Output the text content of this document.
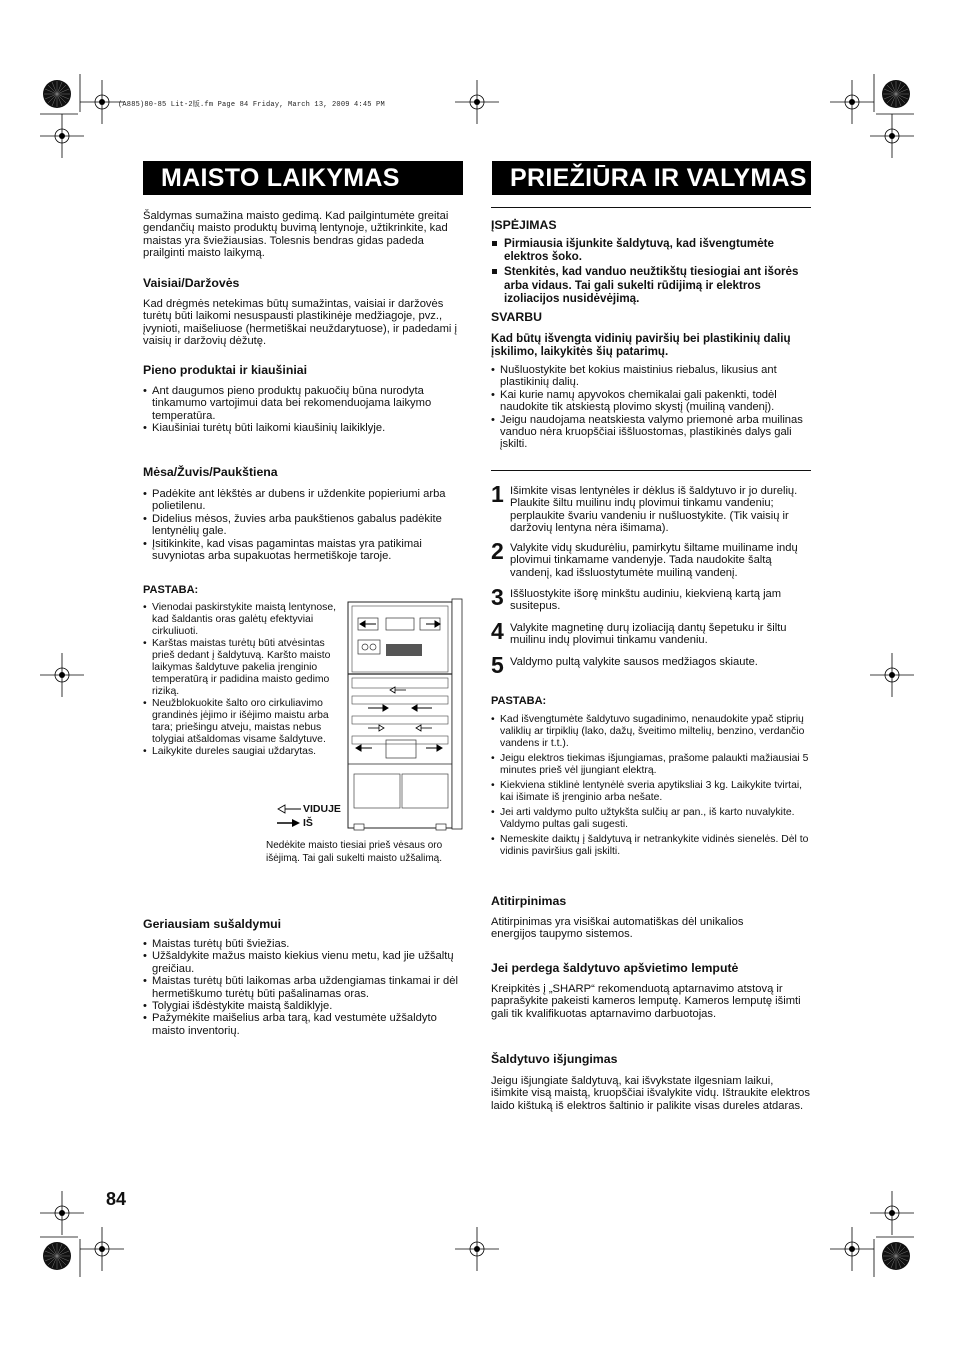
(A885)80-85 Lit-2版.fm Page 84 Friday, March 13, 2009 4:45 PM
MAISTO LAIKYMAS

Šaldymas sumažina maisto gedimą. Kad pailgintumėte greitai gendančių maisto produktų buvimą lentynoje, užtikrinkite, kad maistas yra šviežiausias. Tolesnis bendras gidas padeda prailginti maisto laikymą.

Vaisiai/Daržovės

Kad drėgmės netekimas būtų sumažintas, vaisiai ir daržovės turėtų būti laikomi nesuspausti plastikinėje medžiagoje, pvz., įvynioti, maišeliuose (hermetiškai neuždarytuose), ir padedami į vaisių ir daržovių dėžutę.

Pieno produktai ir kiaušiniai

• Ant daugumos pieno produktų pakuočių būna nurodyta tinkamumo vartojimui data bei rekomenduojama laikymo temperatūra.
• Kiaušiniai turėtų būti laikomi kiaušinių laikiklyje.

Mėsa/Žuvis/Paukštiena

• Padėkite ant lėkštės ar dubens ir uždenkite popieriumi arba polietilenu.
• Didelius mėsos, žuvies arba paukštienos gabalus padėkite lentynėlių gale.
• Įsitikinkite, kad visas pagamintas maistas yra patikimai suvyniotas arba supakuotas hermetiškoje taroje.

PASTABA:

• Vienodai paskirstykite maistą lentynose, kad šaldantis oras galėtų efektyviai cirkuliuoti.
• Karštas maistas turėtų būti atvėsintas prieš dedant į šaldytuvą. Karšto maisto laikymas šaldytuve pakelia įrenginio temperatūrą ir padidina maisto gedimo riziką.
• Neužblokuokite šalto oro cirkuliavimo grandinės įėjimo ir išėjimo maistu arba tara; priešingu atveju, maistas nebus tolygiai atšaldomas visame šaldytuve.
• Laikykite dureles saugiai uždarytas.
VIDUJE
IŠ

Nedėkite maisto tiesiai prieš vėsaus oro išėjimą. Tai gali sukelti maisto užšalimą.

Geriausiam sušaldymui

• Maistas turėtų būti šviežias.
• Užšaldykite mažus maisto kiekius vienu metu, kad jie užšaltų greičiau.
• Maistas turėtų būti laikomas arba uždengiamas tinkamai ir dėl hermetiškumo turėtų būti pašalinamas oras.
• Tolygiai išdėstykite maistą šaldiklyje.
• Pažymėkite maišelius arba tarą, kad vestumėte užšaldyto maisto inventorių.
PRIEŽIŪRA IR VALYMAS

ĮSPĖJIMAS

Pirmiausia išjunkite šaldytuvą, kad išvengtumėte elektros šoko.
Stenkitės, kad vanduo neužtikštų tiesiogiai ant išorės arba vidaus. Tai gali sukelti rūdijimą ir elektros izoliacijos nusidėvėjimą.

SVARBU

Kad būtų išvengta vidinių paviršių bei plastikinių dalių įskilimo, laikykitės šių patarimų.

• Nušluostykite bet kokius maistinius riebalus, likusius ant plastikinių dalių.
• Kai kurie namų apyvokos chemikalai gali pakenkti, todėl naudokite tik atskiestą plovimo skystį (muiliną vandenį).
• Jeigu naudojama neatskiesta valymo priemonė arba muilinas vanduo nėra kruopščiai iššluostomas, plastikinės dalys gali įskilti.
1 Išimkite visas lentynėles ir dėklus iš šaldytuvo ir jo durelių. Plaukite šiltu muilinu indų plovimui tinkamu vandeniu; perplaukite švariu vandeniu ir nušluostykite. (Tik vaisių ir daržovių lentyna nėra išimama).
2 Valykite vidų skudurėliu, pamirkytu šiltame muiliname indų plovimui tinkamame vandenyje. Tada naudokite šaltą vandenį, kad išsluostytumėte muiliną vandenį.
3 Iššluostykite išorę minkštu audiniu, kiekvieną kartą jam susitepus.
4 Valykite magnetinę durų izoliaciją dantų šepetuku ir šiltu muilinu indų plovimui tinkamu vandeniu.
5 Valdymo pultą valykite sausos medžiagos skiaute.

PASTABA:

• Kad išvengtumėte šaldytuvo sugadinimo, nenaudokite ypač stiprių valiklių ar tirpiklių (lako, dažų, šveitimo miltelių, benzino, verdančio vandens ir t.t.).
• Jeigu elektros tiekimas išjungiamas, prašome palaukti mažiausiai 5 minutes prieš vėl įjungiant elektrą.
• Kiekviena stiklinė lentynėlė sveria apytiksliai 3 kg. Laikykite tvirtai, kai išimate iš įrenginio arba nešate.
• Jei arti valdymo pulto užtykšta sulčių ar pan., iš karto nuvalykite. Valdymo pultas gali sugesti.
• Nemeskite daiktų į šaldytuvą ir netrankykite vidinės sienelės. Dėl to vidinis paviršius gali įskilti.

Atitirpinimas

Atitirpinimas yra visiškai automatiškas dėl unikalios energijos taupymo sistemos.

Jei perdega šaldytuvo apšvietimo lemputė

Kreipkitės į „SHARP“ rekomenduotą aptarnavimo atstovą ir paprašykite pakeisti kameros lemputę. Kameros lemputę išimti gali tik kvalifikuotas aptarnavimo darbuotojas.

Šaldytuvo išjungimas

Jeigu išjungiate šaldytuvą, kai išvykstate ilgesniam laikui, išimkite visą maistą, kruopščiai išvalykite vidų. Ištraukite elektros laido kištuką iš elektros šaltinio ir palikite visas dureles atdaras.

84
